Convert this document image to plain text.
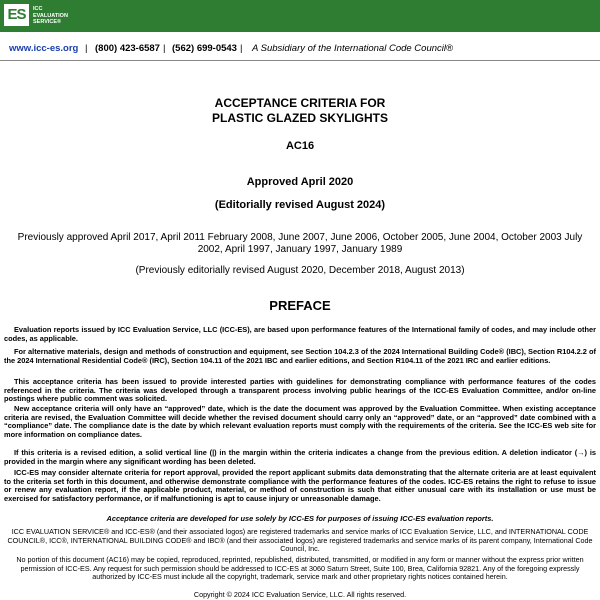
ES	ICC
EVALUATION
SERVICE®
www.icc-es.org | (800) 423-6587 | (562) 699-0543 | A Subsidiary of the International Code Council®
ACCEPTANCE CRITERIA FOR
PLASTIC GLAZED SKYLIGHTS
AC16
Approved April 2020
(Editorially revised August 2024)
Previously approved April 2017, April 2011 February 2008, June 2007, June 2006, October 2005, June 2004, October 2003 July 2002, April 1997, January 1997, January 1989
(Previously editorially revised August 2020, December 2018, August 2013)
PREFACE
Evaluation reports issued by ICC Evaluation Service, LLC (ICC-ES), are based upon performance features of the International family of codes, and may include other codes, as applicable.
For alternative materials, design and methods of construction and equipment, see Section 104.2.3 of the 2024 International Building Code® (IBC), Section R104.2.2 of the 2024 International Residential Code® (IRC), Section 104.11 of the 2021 IBC and earlier editions, and Section R104.11 of the 2021 IRC and earlier editions.
This acceptance criteria has been issued to provide interested parties with guidelines for demonstrating compliance with performance features of the codes referenced in the criteria. The criteria was developed through a transparent process involving public hearings of the ICC-ES Evaluation Committee, and/or on-line postings where public comment was solicited.
New acceptance criteria will only have an “approved” date, which is the date the document was approved by the Evaluation Committee. When existing acceptance criteria are revised, the Evaluation Committee will decide whether the revised document should carry only an “approved” date, or an “approved” date combined with a “compliance” date. The compliance date is the date by which relevant evaluation reports must comply with the requirements of the criteria. See the ICC-ES web site for more information on compliance dates.
If this criteria is a revised edition, a solid vertical line (|) in the margin within the criteria indicates a change from the previous edition. A deletion indicator (→) is provided in the margin where any significant wording has been deleted.
ICC-ES may consider alternate criteria for report approval, provided the report applicant submits data demonstrating that the alternate criteria are at least equivalent to the criteria set forth in this document, and otherwise demonstrate compliance with the performance features of the codes. ICC-ES retains the right to refuse to issue or renew any evaluation report, if the applicable product, material, or method of construction is such that either unusual care with its installation or use must be exercised for satisfactory performance, or if malfunctioning is apt to cause injury or unreasonable damage.
Acceptance criteria are developed for use solely by ICC-ES for purposes of issuing ICC-ES evaluation reports.
ICC EVALUATION SERVICE® and ICC-ES® (and their associated logos) are registered trademarks and service marks of ICC Evaluation Service, LLC, and INTERNATIONAL CODE COUNCIL®, ICC®, INTERNATIONAL BUILDING CODE® and IBC® (and their associated logos) are registered trademarks and service marks of its parent company, International Code Council, Inc.
No portion of this document (AC16) may be copied, reproduced, reprinted, republished, distributed, transmitted, or modified in any form or manner without the express prior written permission of ICC-ES. Any request for such permission should be addressed to ICC-ES at 3060 Saturn Street, Suite 100, Brea, California 92821. Any of the foregoing expressly authorized by ICC-ES must include all the copyright, trademark, service mark and other proprietary rights notices contained herein.
Copyright © 2024 ICC Evaluation Service, LLC. All rights reserved.
